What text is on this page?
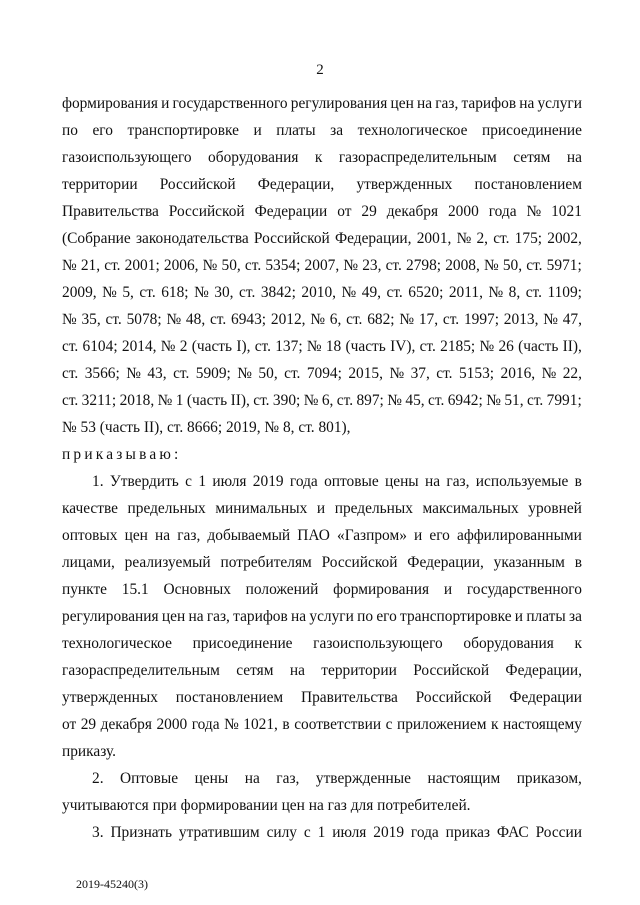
2
формирования и государственного регулирования цен на газ, тарифов на услуги
по его транспортировке и платы за технологическое присоединение
газоиспользующего оборудования к газораспределительным сетям на
территории Российской Федерации, утвержденных постановлением
Правительства Российской Федерации от 29 декабря 2000 года № 1021
(Собрание законодательства Российской Федерации, 2001, № 2, ст. 175; 2002,
№ 21, ст. 2001; 2006, № 50, ст. 5354; 2007, № 23, ст. 2798; 2008, № 50, ст. 5971;
2009, № 5, ст. 618; № 30, ст. 3842; 2010, № 49, ст. 6520; 2011, № 8, ст. 1109;
№ 35, ст. 5078; № 48, ст. 6943; 2012, № 6, ст. 682; № 17, ст. 1997; 2013, № 47,
ст. 6104; 2014, № 2 (часть I), ст. 137; № 18 (часть IV), ст. 2185; № 26 (часть II),
ст. 3566; № 43, ст. 5909; № 50, ст. 7094; 2015, № 37, ст. 5153; 2016, № 22,
ст. 3211; 2018, № 1 (часть II), ст. 390; № 6, ст. 897; № 45, ст. 6942; № 51, ст. 7991;
№ 53 (часть II), ст. 8666; 2019, № 8, ст. 801),
приказываю:
1. Утвердить с 1 июля 2019 года оптовые цены на газ, используемые в
качестве предельных минимальных и предельных максимальных уровней
оптовых цен на газ, добываемый ПАО «Газпром» и его аффилированными
лицами, реализуемый потребителям Российской Федерации, указанным в
пункте 15.1 Основных положений формирования и государственного
регулирования цен на газ, тарифов на услуги по его транспортировке и платы за
технологическое присоединение газоиспользующего оборудования к
газораспределительным сетям на территории Российской Федерации,
утвержденных постановлением Правительства Российской Федерации
от 29 декабря 2000 года № 1021, в соответствии с приложением к настоящему
приказу.
2. Оптовые цены на газ, утвержденные настоящим приказом,
учитываются при формировании цен на газ для потребителей.
3. Признать утратившим силу с 1 июля 2019 года приказ ФАС России
2019-45240(3)
